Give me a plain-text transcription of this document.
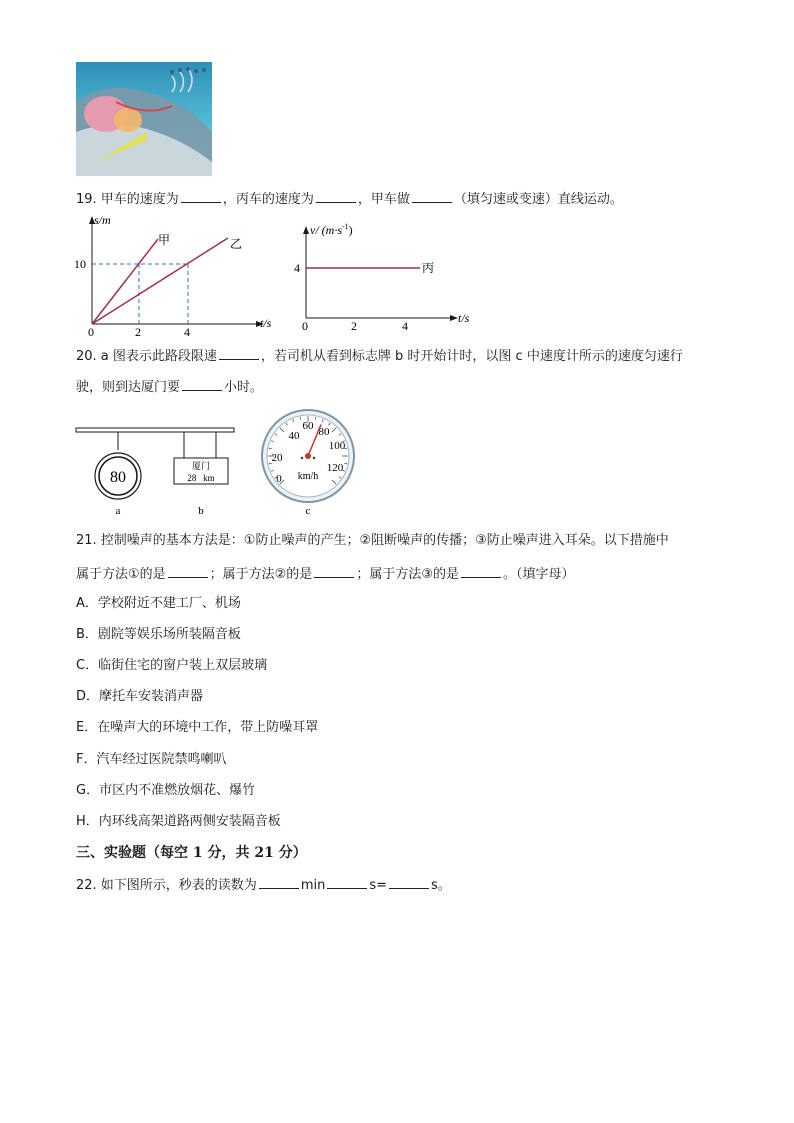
19. 甲车的速度为	，丙车的速度为	，甲车做	（填匀速或变速）直线运动。
s/m
10
0	2	4
t/s
甲	乙
v/ $(m\cdot s^{-1})$
4
0	2	4
t/s
丙
20. a 图表示此路段限速	，若司机从看到标志牌 b 时开始计时，以图 c 中速度计所示的速度匀速行
驶，则到达厦门要	小时。
80
厦门
28   km
a	b
40
60 80
100
120
20
0 km/h
c
21. 控制噪声的基本方法是：①防止噪声的产生；②阻断噪声的传播；③防止噪声进入耳朵。以下措施中
属于方法①的是	；属于方法②的是	；属于方法③的是	。（填字母）
A．学校附近不建工厂、机场
B．剧院等娱乐场所装隔音板
C．临街住宅的窗户装上双层玻璃
D．摩托车安装消声器
E．在噪声大的环境中工作，带上防噪耳罩
F．汽车经过医院禁鸣喇叭
G．市区内不准燃放烟花、爆竹
H．内环线高架道路两侧安装隔音板
三、实验题（每空 1 分，共 21 分）
22. 如下图所示，秒表的读数为	min	s=	s。
